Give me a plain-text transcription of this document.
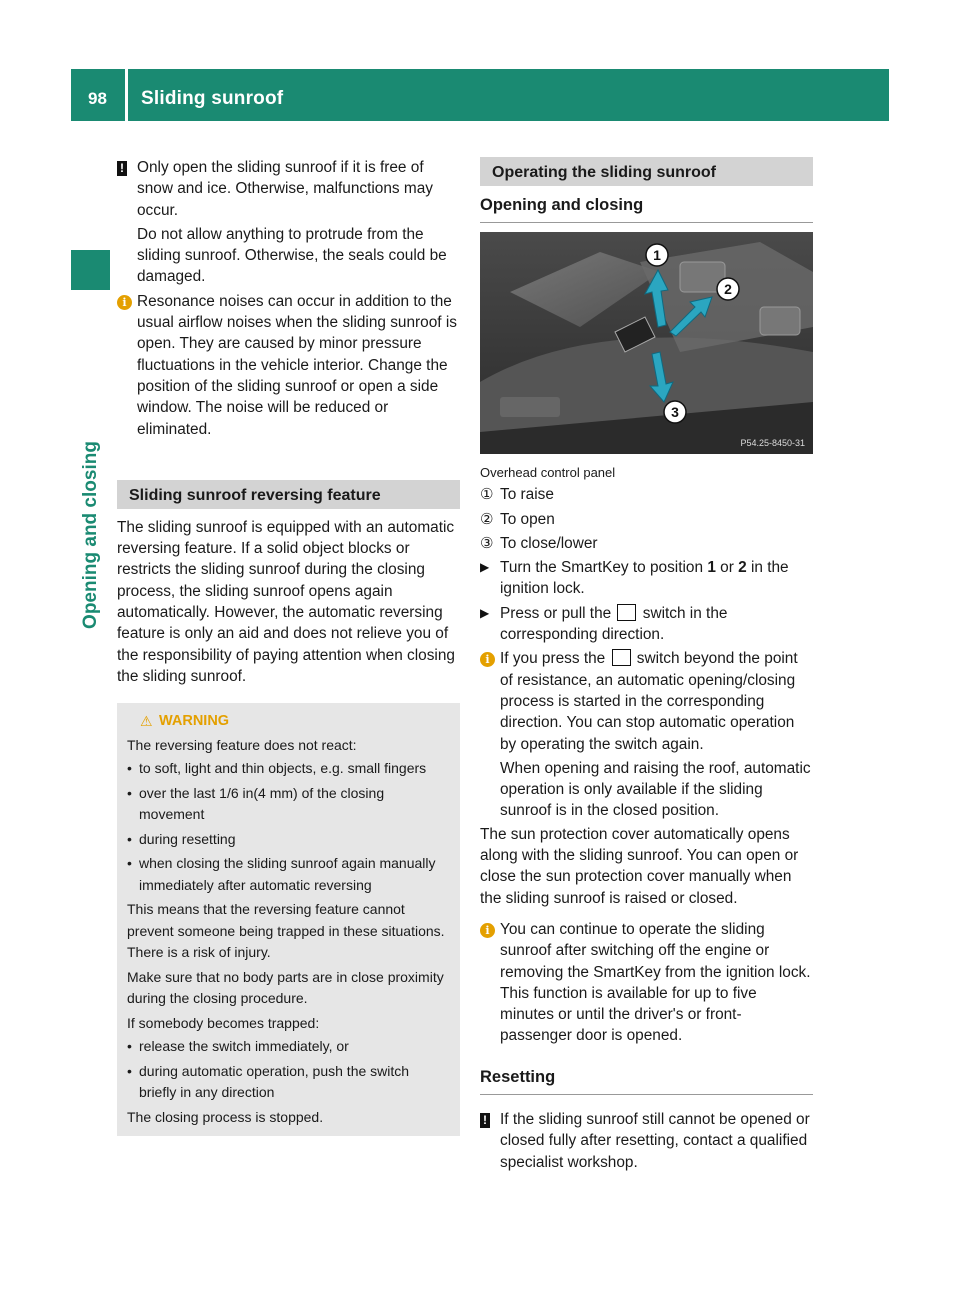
98 Sliding sunroof
Opening and closing
! Only open the sliding sunroof if it is free of snow and ice. Otherwise, malfunctions may occur.

Do not allow anything to protrude from the sliding sunroof. Otherwise, the seals could be damaged.

i Resonance noises can occur in addition to the usual airflow noises when the sliding sunroof is open. They are caused by minor pressure fluctuations in the vehicle interior. Change the position of the sliding sunroof or open a side window. The noise will be reduced or eliminated.

Sliding sunroof reversing feature

The sliding sunroof is equipped with an automatic reversing feature. If a solid object blocks or restricts the sliding sunroof during the closing process, the sliding sunroof opens again automatically. However, the automatic reversing feature is only an aid and does not relieve you of the responsibility of paying attention when closing the sliding sunroof.

⚠ WARNING

The reversing feature does not react:

• to soft, light and thin objects, e.g. small fingers

• over the last 1/6 in(4 mm) of the closing movement

• during resetting

• when closing the sliding sunroof again manually immediately after automatic reversing

This means that the reversing feature cannot prevent someone being trapped in these situations. There is a risk of injury.

Make sure that no body parts are in close proximity during the closing procedure.

If somebody becomes trapped:

• release the switch immediately, or

• during automatic operation, push the switch briefly in any direction

The closing process is stopped.

Operating the sliding sunroof
Opening and closing
1
2
3
P54.25-8450-31

Overhead control panel

① To raise

② To open

③ To close/lower

▶ Turn the SmartKey to position 1 or 2 in the ignition lock.

▶ Press or pull the  switch in the corresponding direction.

i If you press the  switch beyond the point of resistance, an automatic opening/closing process is started in the corresponding direction. You can stop automatic operation by operating the switch again.

When opening and raising the roof, automatic operation is only available if the sliding sunroof is in the closed position.

The sun protection cover automatically opens along with the sliding sunroof. You can open or close the sun protection cover manually when the sliding sunroof is raised or closed.

i You can continue to operate the sliding sunroof after switching off the engine or removing the SmartKey from the ignition lock. This function is available for up to five minutes or until the driver's or front-passenger door is opened.

Resetting
! If the sliding sunroof still cannot be opened or closed fully after resetting, contact a qualified specialist workshop.
